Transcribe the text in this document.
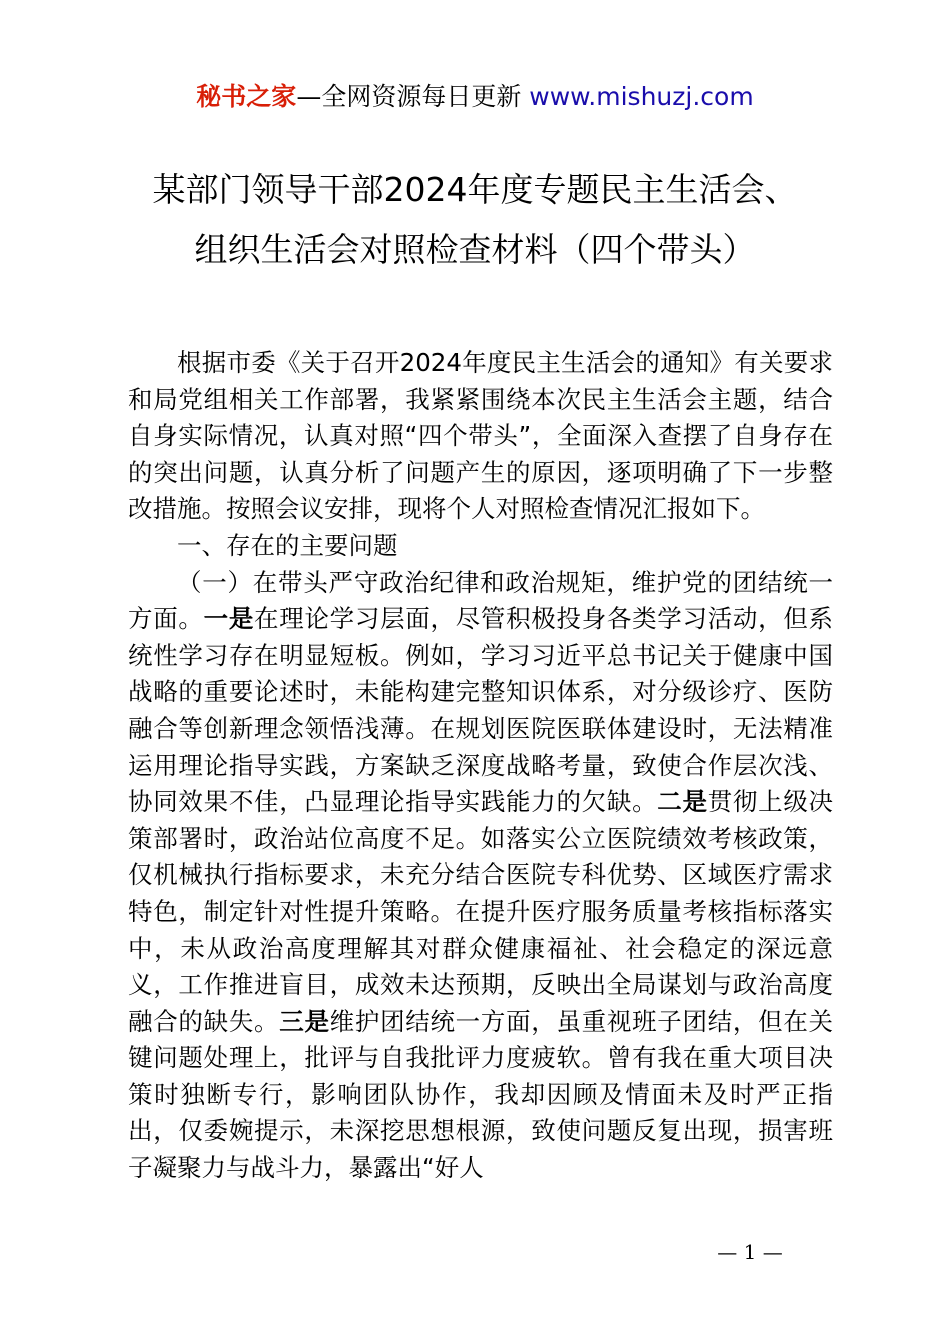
秘书之家—全网资源每日更新 www.mishuzj.com
某部门领导干部2024年度专题民主生活会、
组织生活会对照检查材料（四个带头）

根据市委《关于召开2024年度民主生活会的通知》有关要求和局党组相关工作部署，我紧紧围绕本次民主生活会主题，结合自身实际情况，认真对照“四个带头”，全面深入查摆了自身存在的突出问题，认真分析了问题产生的原因，逐项明确了下一步整改措施。按照会议安排，现将个人对照检查情况汇报如下。

一、存在的主要问题

（一）在带头严守政治纪律和政治规矩，维护党的团结统一方面。一是在理论学习层面，尽管积极投身各类学习活动，但系统性学习存在明显短板。例如，学习习近平总书记关于健康中国战略的重要论述时，未能构建完整知识体系，对分级诊疗、医防融合等创新理念领悟浅薄。在规划医院医联体建设时，无法精准运用理论指导实践，方案缺乏深度战略考量，致使合作层次浅、协同效果不佳，凸显理论指导实践能力的欠缺。二是贯彻上级决策部署时，政治站位高度不足。如落实公立医院绩效考核政策，仅机械执行指标要求，未充分结合医院专科优势、区域医疗需求特色，制定针对性提升策略。在提升医疗服务质量考核指标落实中，未从政治高度理解其对群众健康福祉、社会稳定的深远意义，工作推进盲目，成效未达预期，反映出全局谋划与政治高度融合的缺失。三是维护团结统一方面，虽重视班子团结，但在关键问题处理上，批评与自我批评力度疲软。曾有我在重大项目决策时独断专行，影响团队协作，我却因顾及情面未及时严正指出，仅委婉提示，未深挖思想根源，致使问题反复出现，损害班子凝聚力与战斗力，暴露出“好人

— 1 —
